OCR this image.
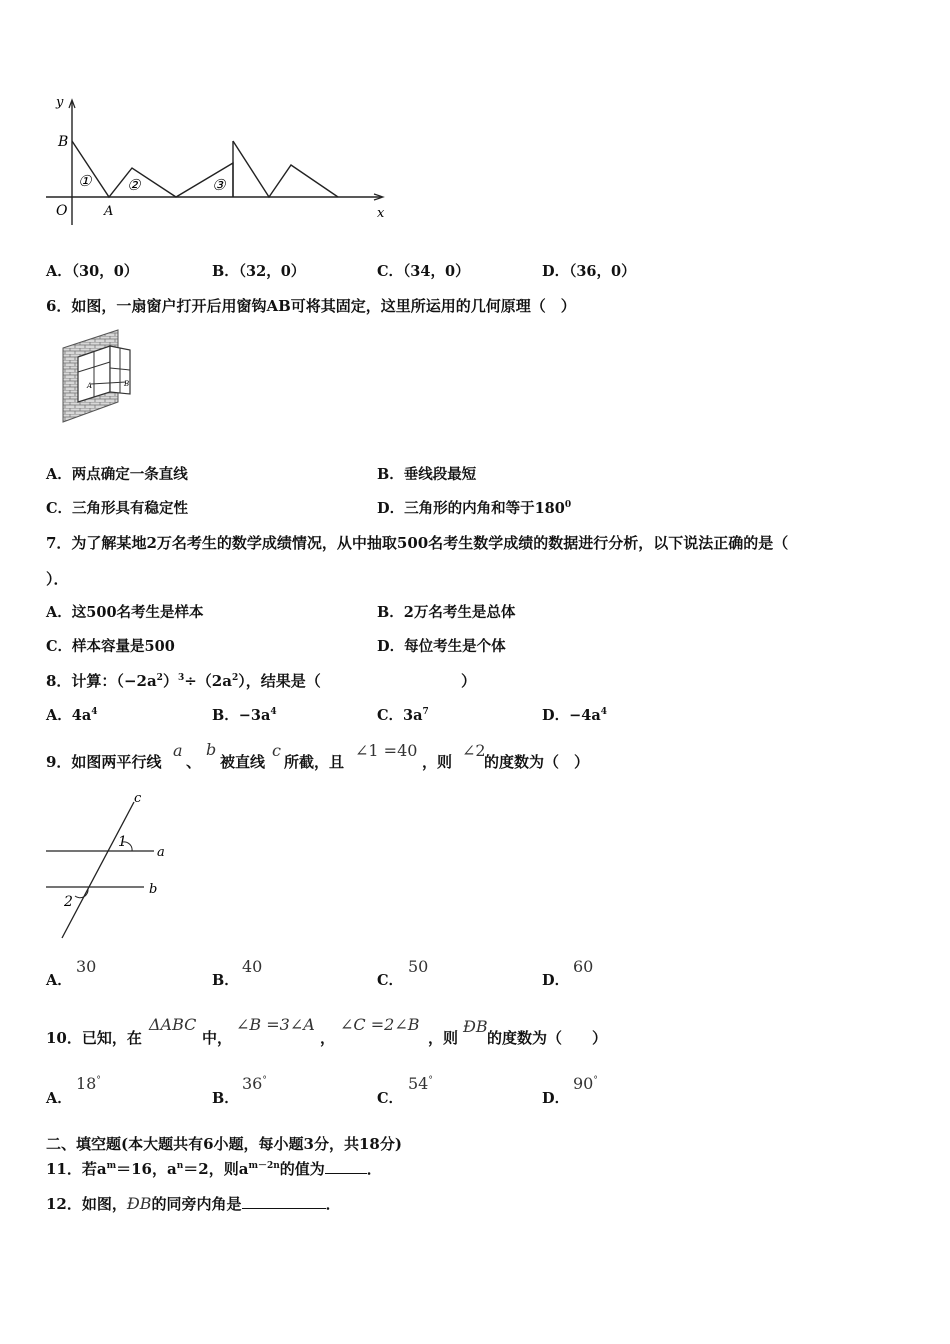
y
x
O
B
A
① ②	③
A．（30，0）	B．（32，0）	C．（34，0）	D．（36，0）
6．如图，一扇窗户打开后用窗钩AB可将其固定，这里所运用的几何原理（　）
A	B
A．两点确定一条直线	B．垂线段最短
C．三角形具有稳定性	D．三角形的内角和等于$180^0$
7．为了解某地2万名考生的数学成绩情况，从中抽取500名考生数学成绩的数据进行分析，以下说法正确的是（
）．
A．这500名考生是样本	B．2万名考生是总体
C．样本容量是500	D．每位考生是个体
8．计算：$(-2a^2)^3\div(2a^2)$，结果是（	）
A．$4a^4$	B．$-3a^4$	C．$3a^7$	D．$-4a^4$
9．如图两平行线
a
、
b
被直线
c
所截，且
∠1 =40
，则
∠2
的度数为（　）
c
a
b
1
2
A．
30
B．
40
C．
50
D．
60
10．已知，在
ΔABC
中，
∠B =3∠A
，
∠C =2∠B
，则
ÐB
的度数为（　　）
A．
18°
B．
36°
C．
54°
D．
90°
二、填空题(本大题共有6小题，每小题3分，共18分)
11．若$a^m=16$，$a^n=2$，则$a^{m-2n}$的值为	．
12．如图，ÐB的同旁内角是	．
